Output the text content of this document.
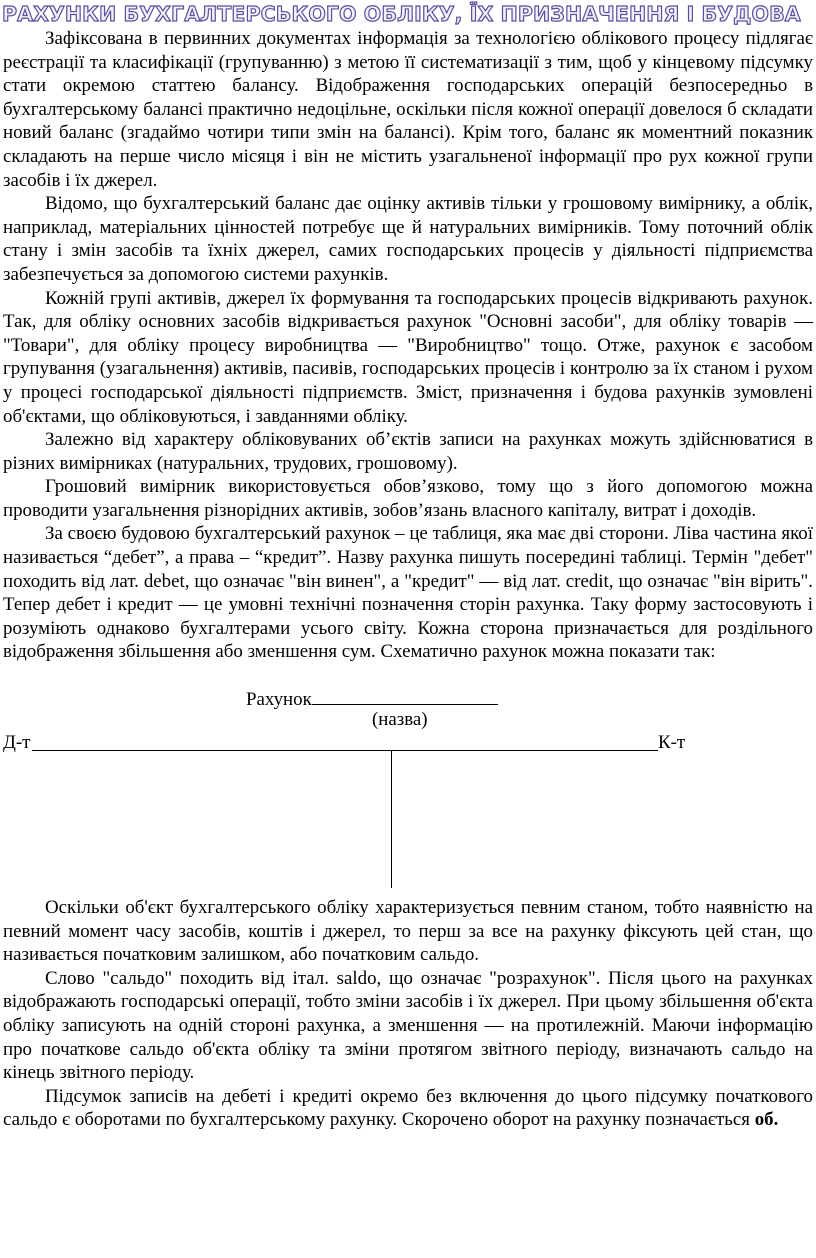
РАХУНКИ БУХГАЛТЕРСЬКОГО ОБЛІКУ, ЇХ ПРИЗНАЧЕННЯ І БУДОВА

Зафіксована в первинних документах інформація за технологією облікового процесу підлягає реєстрації та класифікації (групуванню) з метою її систематизації з тим, щоб у кінцевому підсумку стати окремою статтею балансу. Відображення господарських операцій безпосередньо в бухгалтерському балансі практично недоцільне, оскільки після кожної операції довелося б складати новий баланс (згадаймо чотири типи змін на балансі). Крім того, баланс як моментний показник складають на перше число місяця і він не містить узагальненої інформації про рух кожної групи засобів і їх джерел.

Відомо, що бухгалтерський баланс дає оцінку активів тільки у грошовому вимірнику, а облік, наприклад, матеріальних цінностей потребує ще й натуральних вимірників. Тому поточний облік стану і змін засобів та їхніх джерел, самих господарських процесів у діяльності підприємства забезпечується за допомогою системи рахунків.

Кожній групі активів, джерел їх формування та господарських процесів відкривають рахунок. Так, для обліку основних засобів відкривається рахунок "Основні засоби", для обліку товарів — "Товари", для обліку процесу виробництва — "Виробництво" тощо. Отже, рахунок є засобом групування (узагальнення) активів, пасивів, господарських процесів і контролю за їх станом і рухом у процесі господарської діяльності підприємств. Зміст, призначення і будова рахунків зумовлені об'єктами, що обліковуються, і завданнями обліку.

Залежно від характеру обліковуваних об’єктів записи на рахунках можуть здійснюватися в різних вимірниках (натуральних, трудових, грошовому).

Грошовий вимірник використовується обов’язково, тому що з його допомогою можна проводити узагальнення різнорідних активів, зобов’язань власного капіталу, витрат і доходів.

За своєю будовою бухгалтерський рахунок – це таблиця, яка має дві сторони. Ліва частина якої називається “дебет”, а права – “кредит”. Назву рахунка пишуть посередині таблиці. Термін "дебет" походить від лат. debet, що означає "він винен", а "кредит" — від лат. credit, що означає "він вірить". Тепер дебет і кредит — це умовні технічні позначення сторін рахунка. Таку форму застосовують і розуміють однаково бухгалтерами усього світу. Кожна сторона призначається для роздільного відображення збільшення або зменшення сум. Схематично рахунок можна показати так:

Рахунок
(назва)
Д-т	К-т

Оскільки об'єкт бухгалтерського обліку характеризується певним станом, тобто наявністю на певний момент часу засобів, коштів і джерел, то перш за все на рахунку фіксують цей стан, що називається початковим залишком, або початковим сальдо.

Слово "сальдо" походить від італ. saldo, що означає "розрахунок". Після цього на рахунках відображають господарські операції, тобто зміни засобів і їх джерел. При цьому збільшення об'єкта обліку записують на одній стороні рахунка, а зменшення — на протилежній. Маючи інформацію про початкове сальдо об'єкта обліку та зміни протягом звітного періоду, визначають сальдо на кінець звітного періоду.

Підсумок записів на дебеті і кредиті окремо без включення до цього підсумку початкового сальдо є оборотами по бухгалтерському рахунку. Скорочено оборот на рахунку позначається об.
